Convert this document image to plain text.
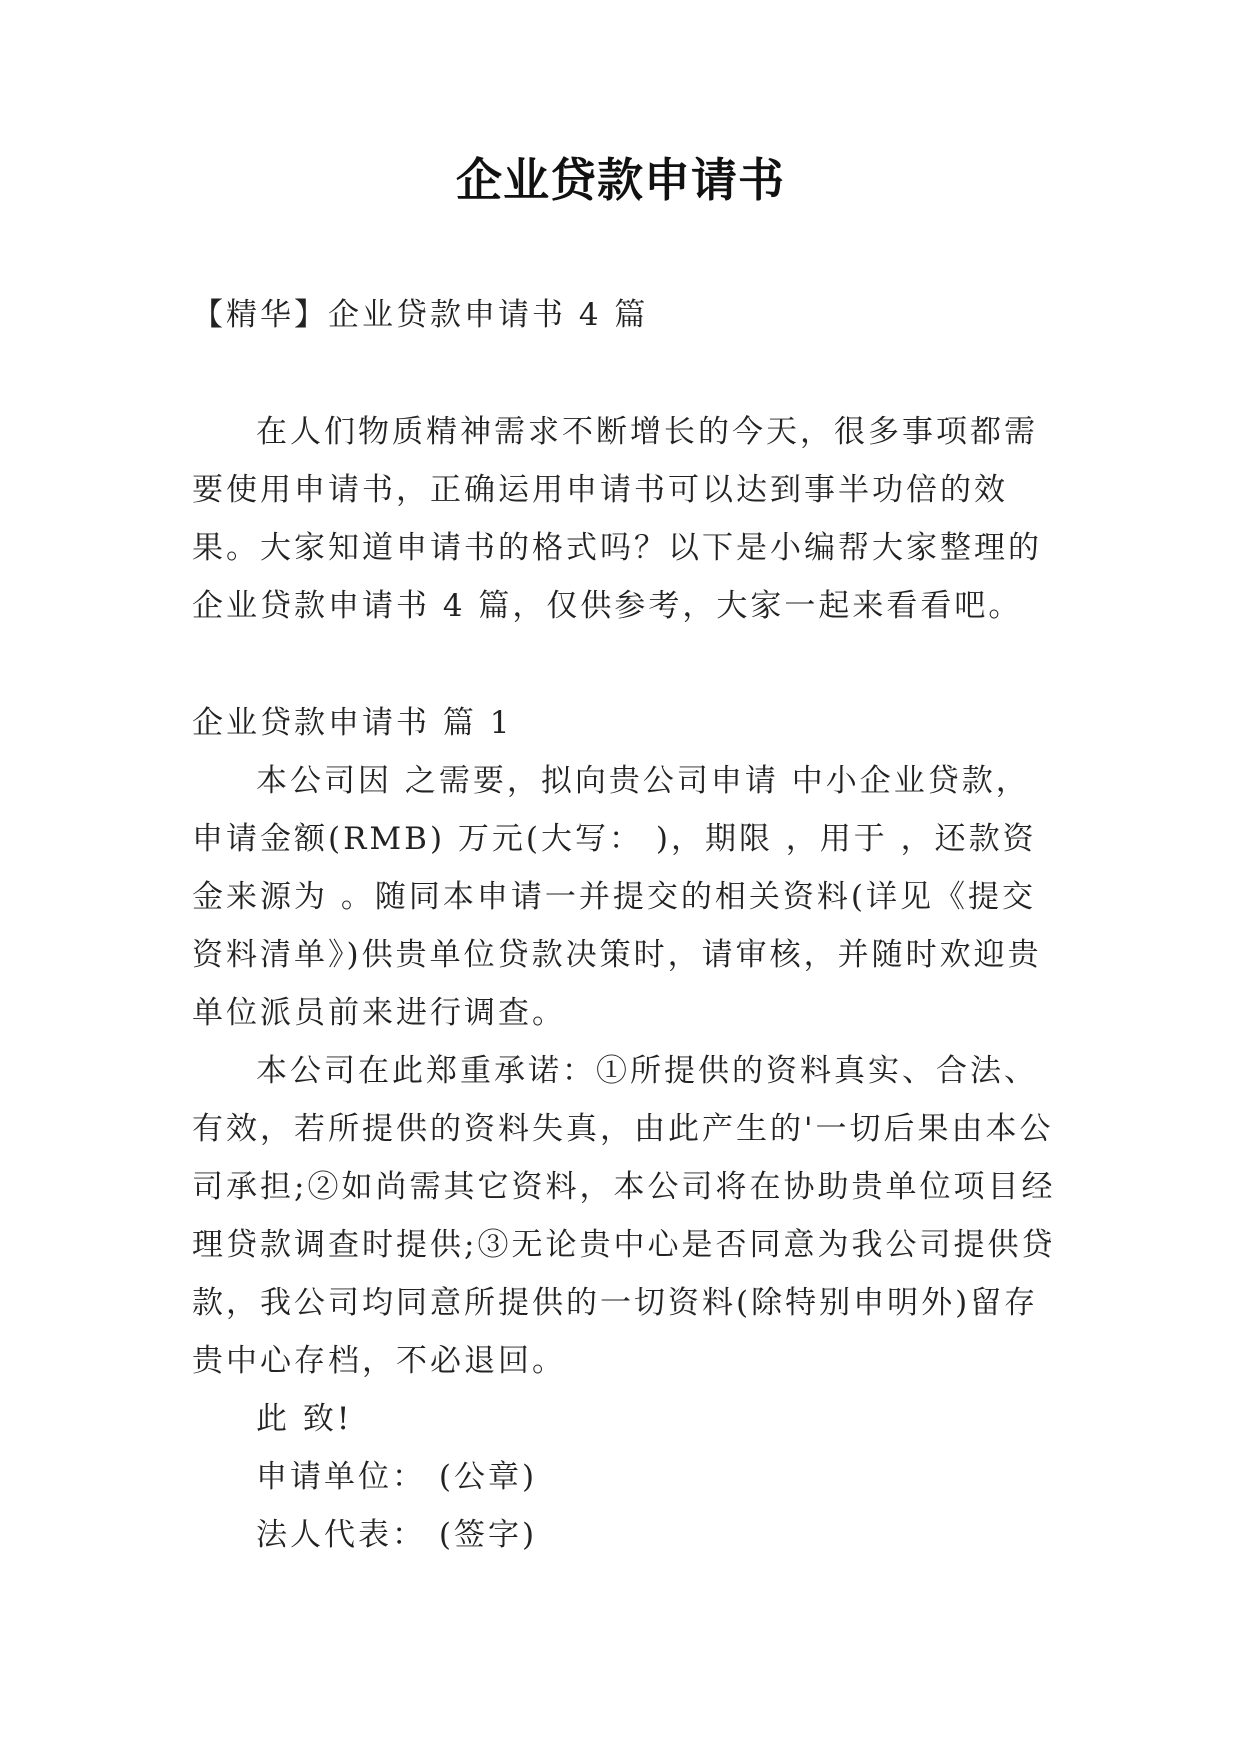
企业贷款申请书

【精华】企业贷款申请书 4 篇

在人们物质精神需求不断增长的今天，很多事项都需要使用申请书，正确运用申请书可以达到事半功倍的效果。大家知道申请书的格式吗？以下是小编帮大家整理的企业贷款申请书 4 篇，仅供参考，大家一起来看看吧。

企业贷款申请书 篇 1

本公司因 之需要，拟向贵公司申请 中小企业贷款，申请金额(RMB) 万元(大写： )，期限 ，用于 ，还款资金来源为 。随同本申请一并提交的相关资料(详见《提交资料清单》)供贵单位贷款决策时，请审核，并随时欢迎贵单位派员前来进行调查。

本公司在此郑重承诺：①所提供的资料真实、合法、有效，若所提供的资料失真，由此产生的'一切后果由本公司承担;②如尚需其它资料，本公司将在协助贵单位项目经理贷款调查时提供;③无论贵中心是否同意为我公司提供贷款，我公司均同意所提供的一切资料(除特别申明外)留存贵中心存档，不必退回。

此 致!

申请单位： (公章)

法人代表： (签字)
